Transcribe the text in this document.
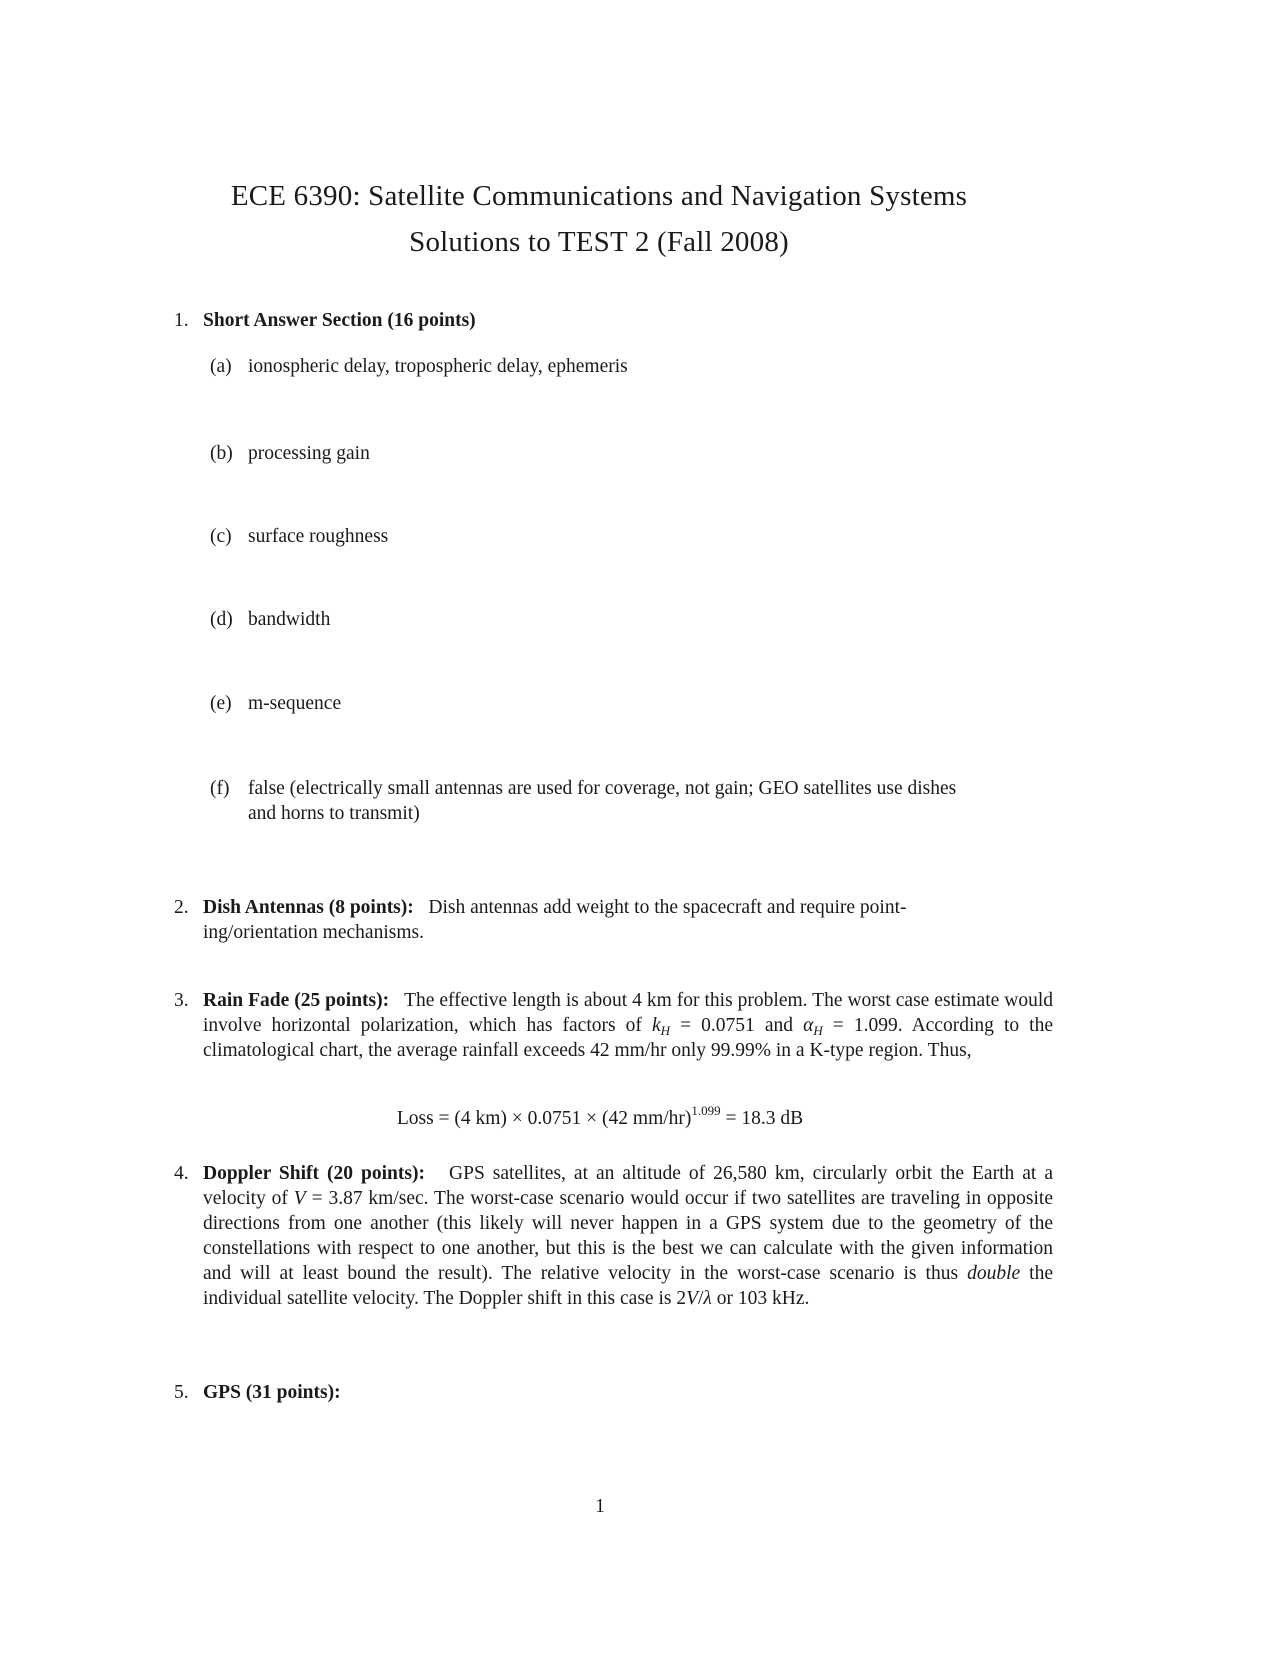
ECE 6390: Satellite Communications and Navigation Systems
Solutions to TEST 2 (Fall 2008)
1. Short Answer Section (16 points)
(a) ionospheric delay, tropospheric delay, ephemeris
(b) processing gain
(c) surface roughness
(d) bandwidth
(e) m-sequence
(f) false (electrically small antennas are used for coverage, not gain; GEO satellites use dishes
and horns to transmit)
2. Dish Antennas (8 points): Dish antennas add weight to the spacecraft and require point-
ing/orientation mechanisms.
3. Rain Fade (25 points): The effective length is about 4 km for this problem. The worst case estimate would involve horizontal polarization, which has factors of $k_H = 0.0751$ and $\alpha_H = 1.099$. According to the climatological chart, the average rainfall exceeds 42 mm/hr only 99.99% in a K-type region. Thus,
Loss = (4 km) × 0.0751 × (42 mm/hr)$^{1.099}$ = 18.3 dB
4. Doppler Shift (20 points): GPS satellites, at an altitude of 26,580 km, circularly orbit the Earth at a velocity of V = 3.87 km/sec. The worst-case scenario would occur if two satellites are traveling in opposite directions from one another (this likely will never happen in a GPS system due to the geometry of the constellations with respect to one another, but this is the best we can calculate with the given information and will at least bound the result). The relative velocity in the worst-case scenario is thus double the individual satellite velocity. The Doppler shift in this case is 2V/λ or 103 kHz.
5. GPS (31 points):
1
